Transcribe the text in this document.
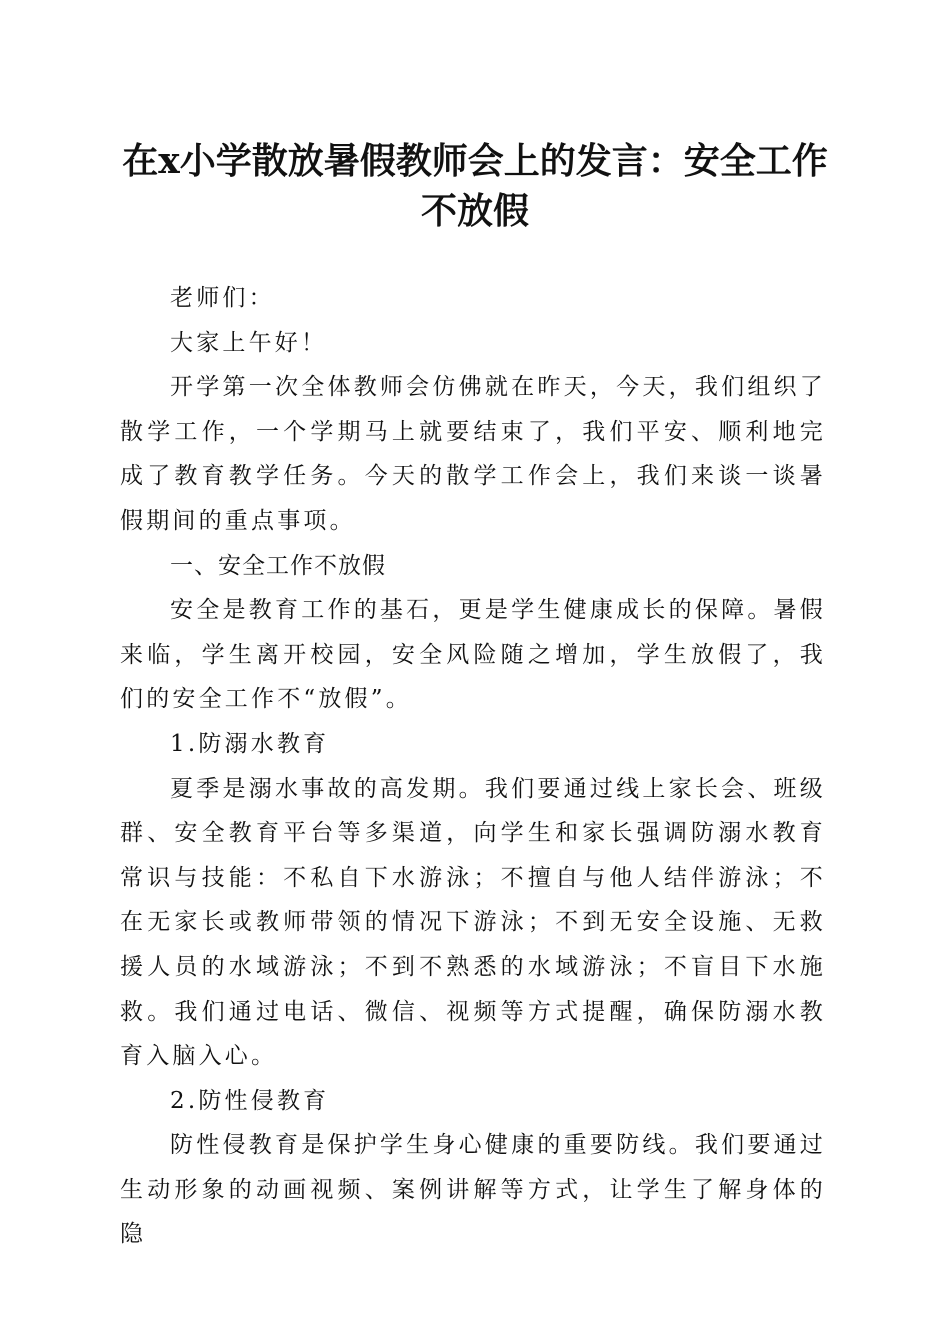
在x小学散放暑假教师会上的发言：安全工作
不放假

老师们：

大家上午好！

开学第一次全体教师会仿佛就在昨天，今天，我们组织了散学工作，一个学期马上就要结束了，我们平安、顺利地完成了教育教学任务。今天的散学工作会上，我们来谈一谈暑假期间的重点事项。

一、安全工作不放假

安全是教育工作的基石，更是学生健康成长的保障。暑假来临，学生离开校园，安全风险随之增加，学生放假了，我们的安全工作不“放假”。

1.防溺水教育

夏季是溺水事故的高发期。我们要通过线上家长会、班级群、安全教育平台等多渠道，向学生和家长强调防溺水教育常识与技能：不私自下水游泳；不擅自与他人结伴游泳；不在无家长或教师带领的情况下游泳；不到无安全设施、无救援人员的水域游泳；不到不熟悉的水域游泳；不盲目下水施救。我们通过电话、微信、视频等方式提醒，确保防溺水教育入脑入心。

2.防性侵教育

防性侵教育是保护学生身心健康的重要防线。我们要通过生动形象的动画视频、案例讲解等方式，让学生了解身体的隐
